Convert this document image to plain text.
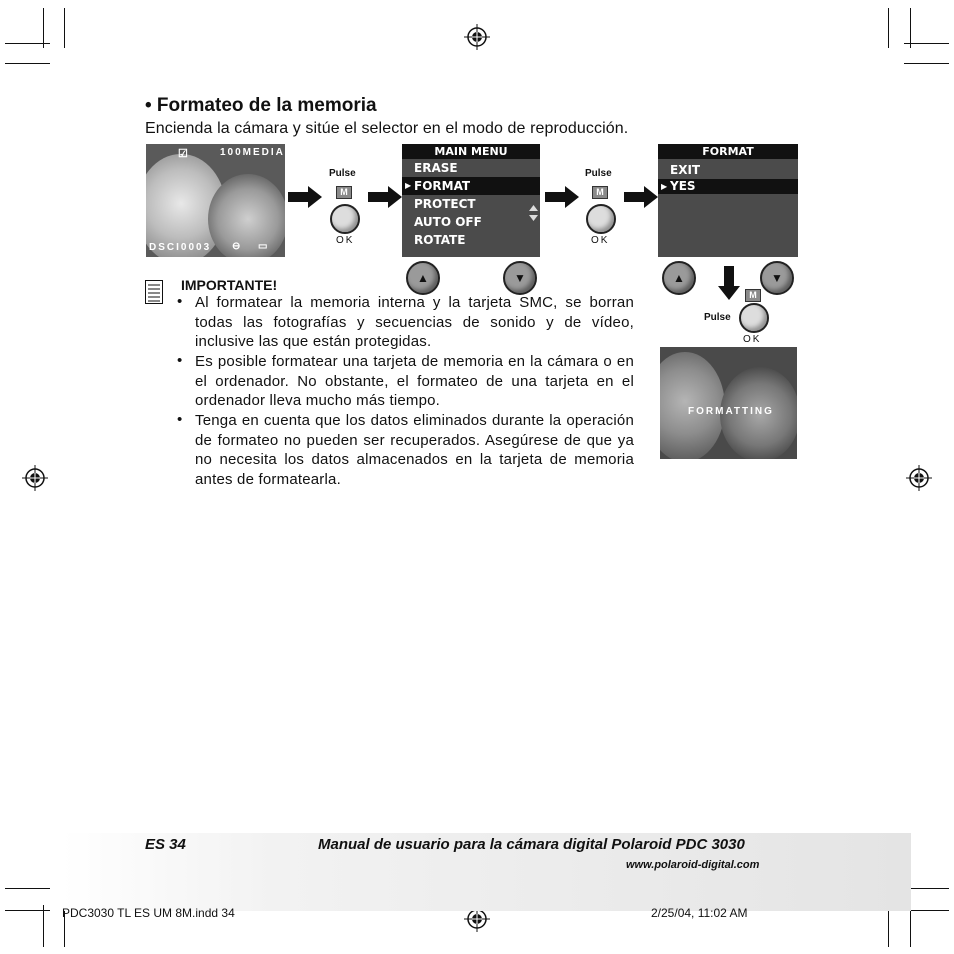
• Formateo de la memoria
Encienda la cámara y sitúe el selector en el modo de reproducción.
☑	100MEDIA
DSCI0003 ⊖ ▭
Pulse
M
OK
MAIN MENU
ERASE
▶ FORMAT
PROTECT
AUTO OFF
ROTATE
Pulse
M
OK
FORMAT
EXIT
▶ YES
▲	▼	▲	▼
Pulse
M
OK
FORMATTING
IMPORTANTE!
• Al formatear la memoria interna y la tarjeta SMC, se borran todas las fotografías y secuencias de sonido y de vídeo, inclusive las que están protegidas.
• Es posible formatear una tarjeta de memoria en la cámara o en el ordenador. No obstante, el formateo de una tarjeta en el ordenador lleva mucho más tiempo.
• Tenga en cuenta que los datos eliminados durante la operación de formateo no pueden ser recuperados. Asegúrese de que ya no necesita los datos almacenados en la tarjeta de memoria antes de formatearla.
ES 34	Manual de usuario para la cámara digital Polaroid PDC 3030
www.polaroid-digital.com
PDC3030 TL ES UM 8M.indd 34	2/25/04, 11:02 AM
